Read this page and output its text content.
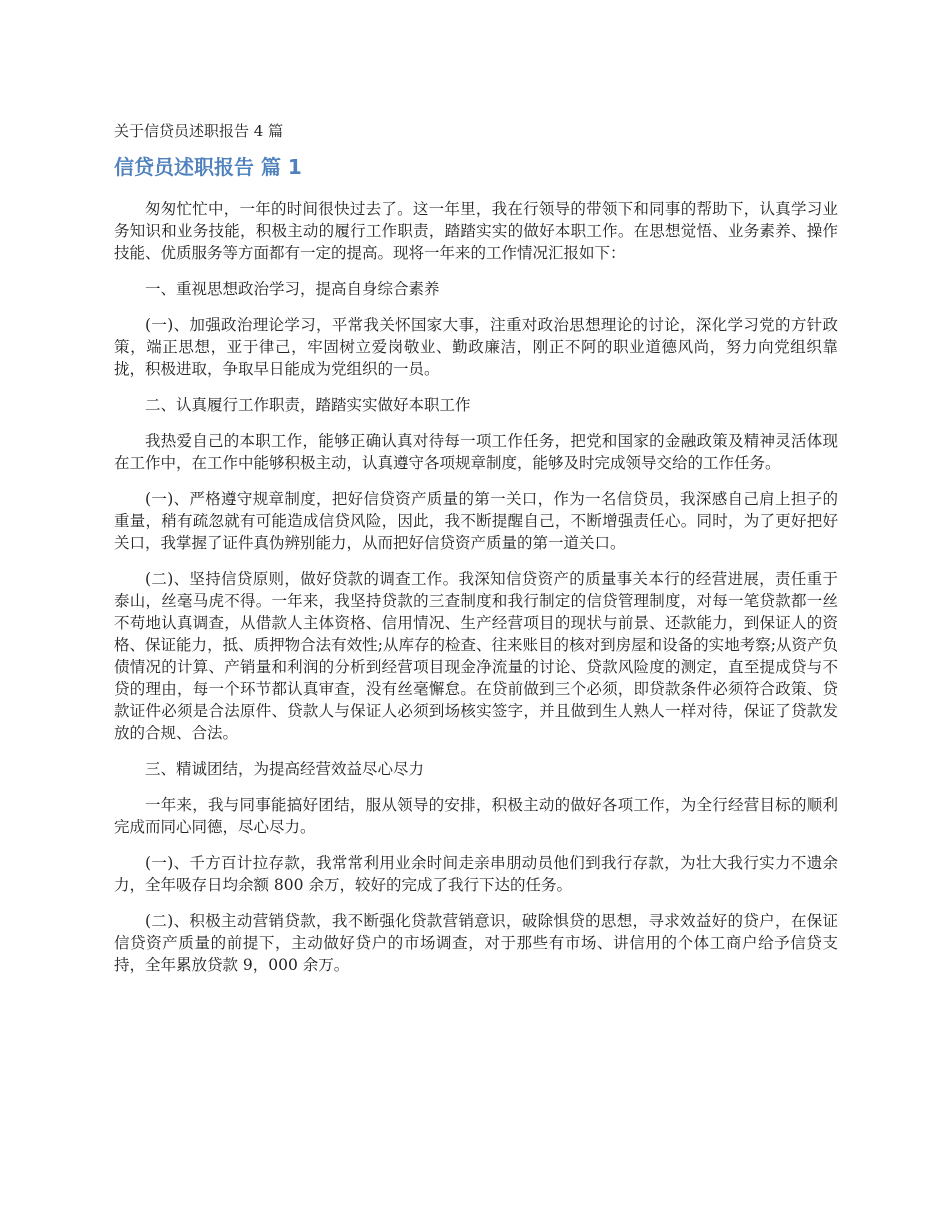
关于信贷员述职报告 4 篇
信贷员述职报告 篇 1

匆匆忙忙中，一年的时间很快过去了。这一年里，我在行领导的带领下和同事的帮助下，认真学习业务知识和业务技能，积极主动的履行工作职责，踏踏实实的做好本职工作。在思想觉悟、业务素养、操作技能、优质服务等方面都有一定的提高。现将一年来的工作情况汇报如下：

一、重视思想政治学习，提高自身综合素养

(一)、加强政治理论学习，平常我关怀国家大事，注重对政治思想理论的讨论，深化学习党的方针政策，端正思想，亚于律己，牢固树立爱岗敬业、勤政廉洁，刚正不阿的职业道德风尚，努力向党组织靠拢，积极进取，争取早日能成为党组织的一员。

二、认真履行工作职责，踏踏实实做好本职工作

我热爱自己的本职工作，能够正确认真对待每一项工作任务，把党和国家的金融政策及精神灵活体现在工作中，在工作中能够积极主动，认真遵守各项规章制度，能够及时完成领导交给的工作任务。

(一)、严格遵守规章制度，把好信贷资产质量的第一关口，作为一名信贷员，我深感自己肩上担子的重量，稍有疏忽就有可能造成信贷风险，因此，我不断提醒自己，不断增强责任心。同时，为了更好把好关口，我掌握了证件真伪辨别能力，从而把好信贷资产质量的第一道关口。

(二)、坚持信贷原则，做好贷款的调查工作。我深知信贷资产的质量事关本行的经营进展，责任重于泰山，丝毫马虎不得。一年来，我坚持贷款的三查制度和我行制定的信贷管理制度，对每一笔贷款都一丝不苟地认真调查，从借款人主体资格、信用情况、生产经营项目的现状与前景、还款能力，到保证人的资格、保证能力，抵、质押物合法有效性;从库存的检查、往来账目的核对到房屋和设备的实地考察;从资产负债情况的计算、产销量和利润的分析到经营项目现金净流量的讨论、贷款风险度的测定，直至提成贷与不贷的理由，每一个环节都认真审查，没有丝毫懈怠。在贷前做到三个必须，即贷款条件必须符合政策、贷款证件必须是合法原件、贷款人与保证人必须到场核实签字，并且做到生人熟人一样对待，保证了贷款发放的合规、合法。

三、精诚团结，为提高经营效益尽心尽力

一年来，我与同事能搞好团结，服从领导的安排，积极主动的做好各项工作，为全行经营目标的顺利完成而同心同德，尽心尽力。

(一)、千方百计拉存款，我常常利用业余时间走亲串朋动员他们到我行存款，为壮大我行实力不遗余力，全年吸存日均余额 800 余万，较好的完成了我行下达的任务。

(二)、积极主动营销贷款，我不断强化贷款营销意识，破除惧贷的思想，寻求效益好的贷户，在保证信贷资产质量的前提下，主动做好贷户的市场调查，对于那些有市场、讲信用的个体工商户给予信贷支持，全年累放贷款 9，000 余万。
